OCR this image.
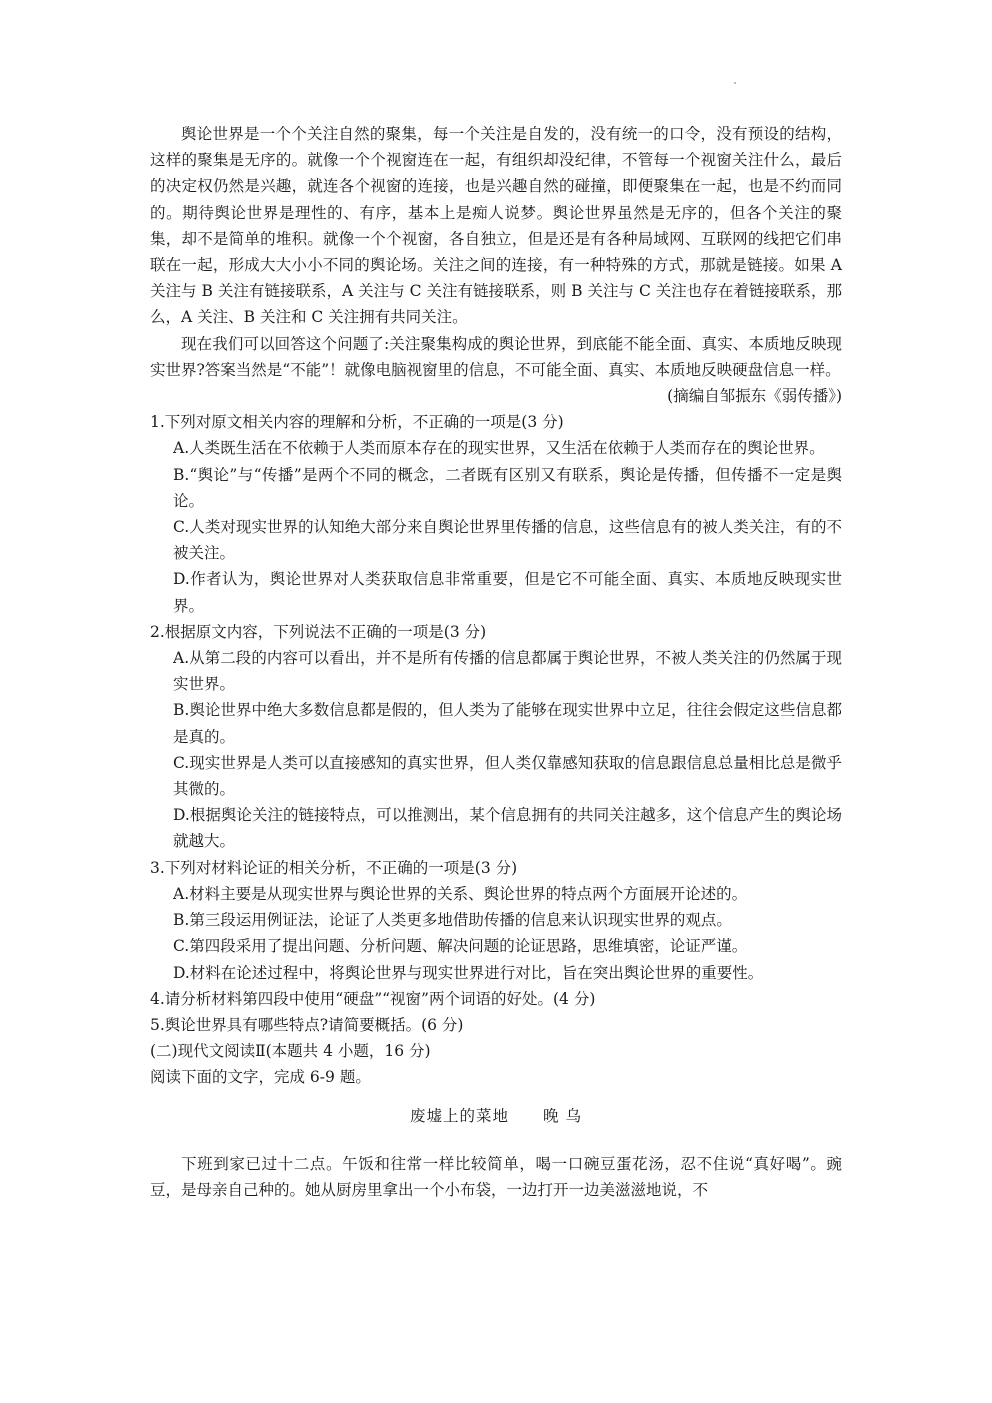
舆论世界是一个个关注自然的聚集，每一个关注是自发的，没有统一的口令，没有预设的结构，这样的聚集是无序的。就像一个个视窗连在一起，有组织却没纪律，不管每一个视窗关注什么，最后的决定权仍然是兴趣，就连各个视窗的连接，也是兴趣自然的碰撞，即便聚集在一起，也是不约而同的。期待舆论世界是理性的、有序，基本上是痴人说梦。舆论世界虽然是无序的，但各个关注的聚集，却不是简单的堆积。就像一个个视窗，各自独立，但是还是有各种局域网、互联网的线把它们串联在一起，形成大大小小不同的舆论场。关注之间的连接，有一种特殊的方式，那就是链接。如果 A 关注与 B 关注有链接联系，A 关注与 C 关注有链接联系，则 B 关注与 C 关注也存在着链接联系，那么，A 关注、B 关注和 C 关注拥有共同关注。

现在我们可以回答这个问题了:关注聚集构成的舆论世界，到底能不能全面、真实、本质地反映现实世界?答案当然是“不能”！就像电脑视窗里的信息，不可能全面、真实、本质地反映硬盘信息一样。

(摘编自邹振东《弱传播》)

1.下列对原文相关内容的理解和分析，不正确的一项是(3 分)

A.人类既生活在不依赖于人类而原本存在的现实世界，又生活在依赖于人类而存在的舆论世界。

B.“舆论”与“传播”是两个不同的概念，二者既有区别又有联系，舆论是传播，但传播不一定是舆论。

C.人类对现实世界的认知绝大部分来自舆论世界里传播的信息，这些信息有的被人类关注，有的不被关注。

D.作者认为，舆论世界对人类获取信息非常重要，但是它不可能全面、真实、本质地反映现实世界。

2.根据原文内容，下列说法不正确的一项是(3 分)

A.从第二段的内容可以看出，并不是所有传播的信息都属于舆论世界，不被人类关注的仍然属于现实世界。

B.舆论世界中绝大多数信息都是假的，但人类为了能够在现实世界中立足，往往会假定这些信息都是真的。

C.现实世界是人类可以直接感知的真实世界，但人类仅靠感知获取的信息跟信息总量相比总是微乎其微的。

D.根据舆论关注的链接特点，可以推测出，某个信息拥有的共同关注越多，这个信息产生的舆论场就越大。

3.下列对材料论证的相关分析，不正确的一项是(3 分)

A.材料主要是从现实世界与舆论世界的关系、舆论世界的特点两个方面展开论述的。

B.第三段运用例证法，论证了人类更多地借助传播的信息来认识现实世界的观点。

C.第四段采用了提出问题、分析问题、解决问题的论证思路，思维填密，论证严谨。

D.材料在论述过程中，将舆论世界与现实世界进行对比，旨在突出舆论世界的重要性。

4.请分析材料第四段中使用“硬盘”“视窗”两个词语的好处。(4 分)

5.舆论世界具有哪些特点?请简要概括。(6 分)

(二)现代文阅读Ⅱ(本题共 4 小题，16 分)

阅读下面的文字，完成 6-9 题。

废墟上的菜地 晚 乌

下班到家已过十二点。午饭和往常一样比较简单，喝一口碗豆蛋花汤，忍不住说“真好喝”。豌豆，是母亲自己种的。她从厨房里拿出一个小布袋，一边打开一边美滋滋地说，不
